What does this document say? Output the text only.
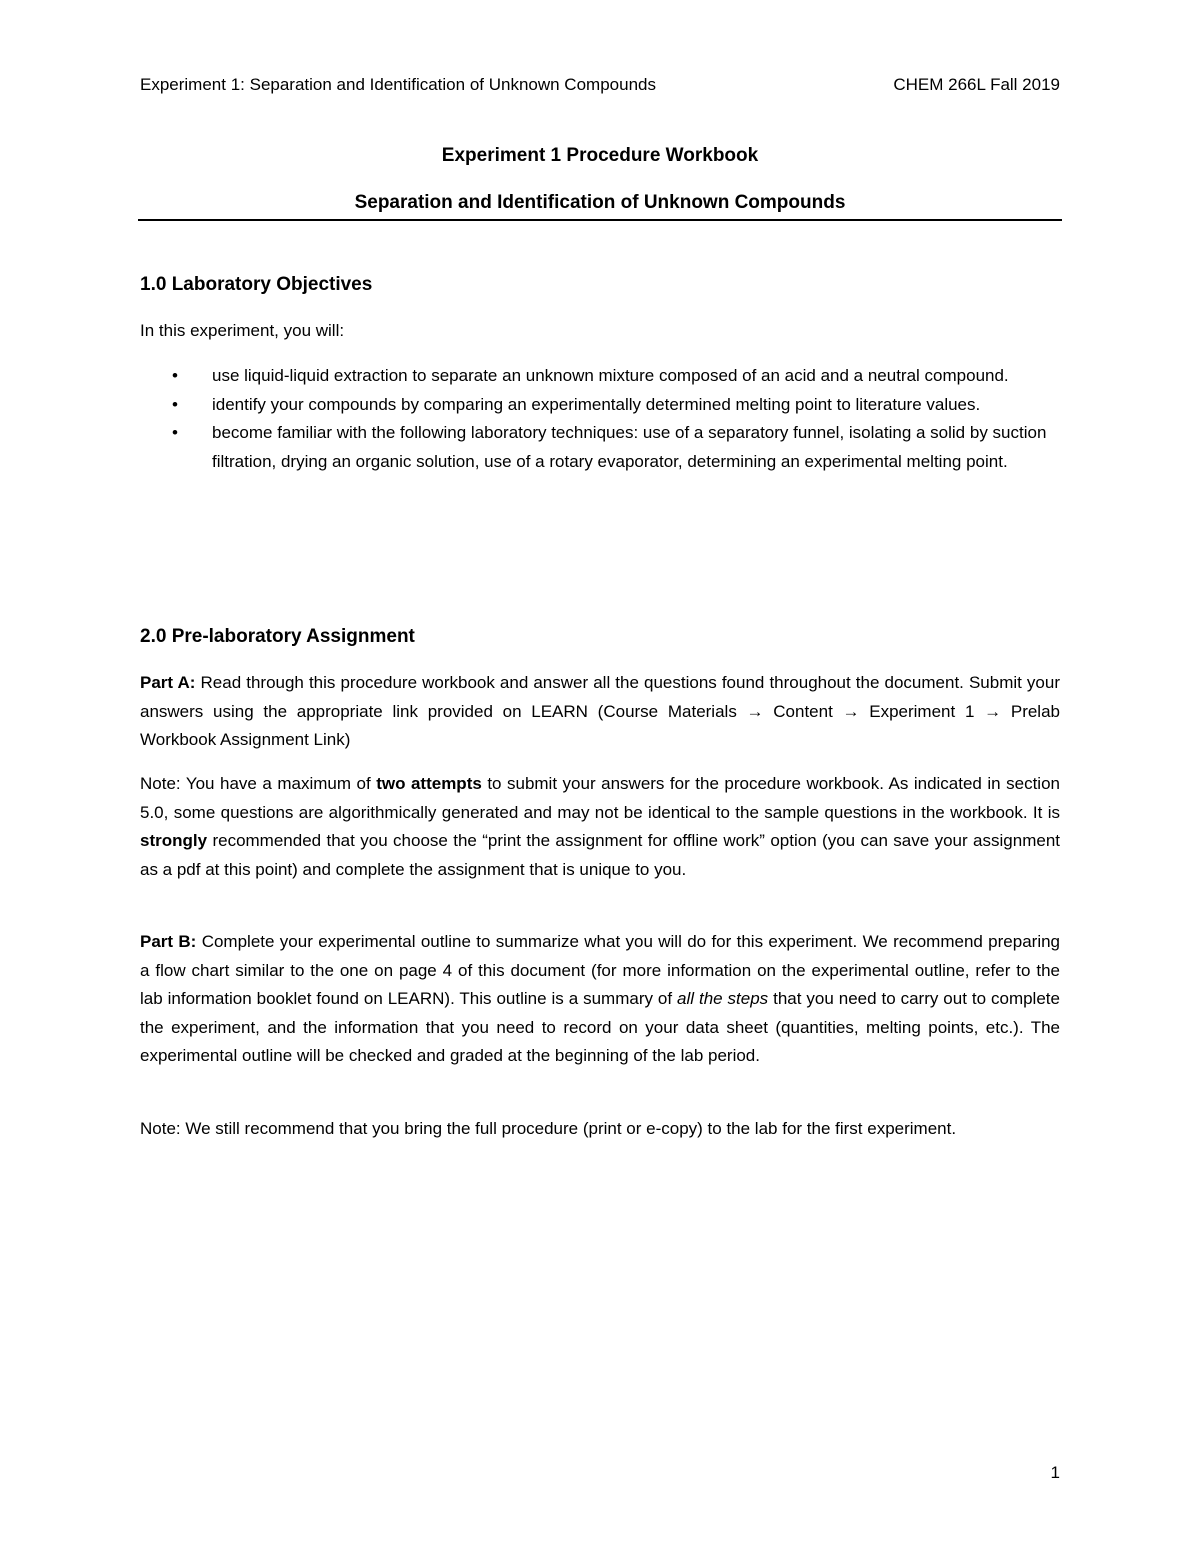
Experiment 1: Separation and Identification of Unknown Compounds	CHEM 266L Fall 2019
Experiment 1 Procedure Workbook
Separation and Identification of Unknown Compounds
1.0 Laboratory Objectives
In this experiment, you will:
• use liquid-liquid extraction to separate an unknown mixture composed of an acid and a neutral compound.
• identify your compounds by comparing an experimentally determined melting point to literature values.
• become familiar with the following laboratory techniques: use of a separatory funnel, isolating a solid by suction filtration, drying an organic solution, use of a rotary evaporator, determining an experimental melting point.
2.0 Pre-laboratory Assignment

Part A: Read through this procedure workbook and answer all the questions found throughout the document. Submit your answers using the appropriate link provided on LEARN (Course Materials → Content → Experiment 1 → Prelab Workbook Assignment Link)

Note: You have a maximum of two attempts to submit your answers for the procedure workbook. As indicated in section 5.0, some questions are algorithmically generated and may not be identical to the sample questions in the workbook. It is strongly recommended that you choose the “print the assignment for offline work” option (you can save your assignment as a pdf at this point) and complete the assignment that is unique to you.

Part B: Complete your experimental outline to summarize what you will do for this experiment. We recommend preparing a flow chart similar to the one on page 4 of this document (for more information on the experimental outline, refer to the lab information booklet found on LEARN). This outline is a summary of all the steps that you need to carry out to complete the experiment, and the information that you need to record on your data sheet (quantities, melting points, etc.). The experimental outline will be checked and graded at the beginning of the lab period.

Note: We still recommend that you bring the full procedure (print or e-copy) to the lab for the first experiment.

1
